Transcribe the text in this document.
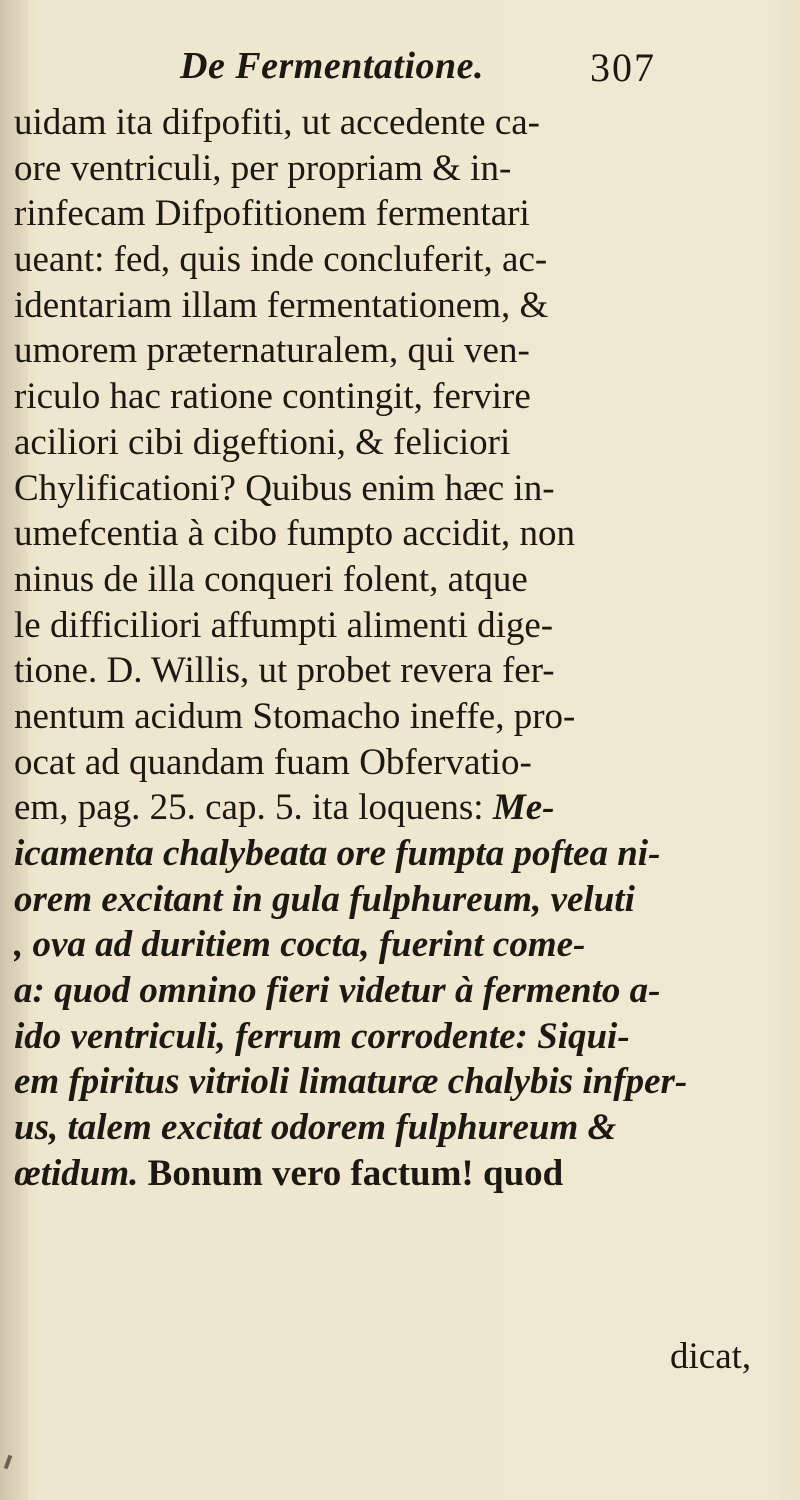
De Fermentatione.	307
uidam ita difpofiti, ut accedente ca-
ore ventriculi, per propriam & in-
rinfecam Difpofitionem fermentari
ueant: fed, quis inde concluferit, ac-
identariam illam fermentationem, &
umorem præternaturalem, qui ven-
riculo hac ratione contingit, fervire
aciliori cibi digeftioni, & feliciori
Chylificationi? Quibus enim hæc in-
umefcentia à cibo fumpto accidit, non
ninus de illa conqueri folent, atque
le difficiliori affumpti alimenti dige-
tione. D. Willis, ut probet revera fer-
nentum acidum Stomacho ineffe, pro-
ocat ad quandam fuam Obfervatio-
em, pag. 25. cap. 5. ita loquens: Me-
icamenta chalybeata ore fumpta poftea ni-
orem excitant in gula fulphureum, veluti
, ova ad duritiem cocta, fuerint come-
a: quod omnino fieri videtur à fermento a-
ido ventriculi, ferrum corrodente: Siqui-
em fpiritus vitrioli limaturæ chalybis infper-
us, talem excitat odorem fulphureum &
œtidum. Bonum vero factum! quod
dicat,
